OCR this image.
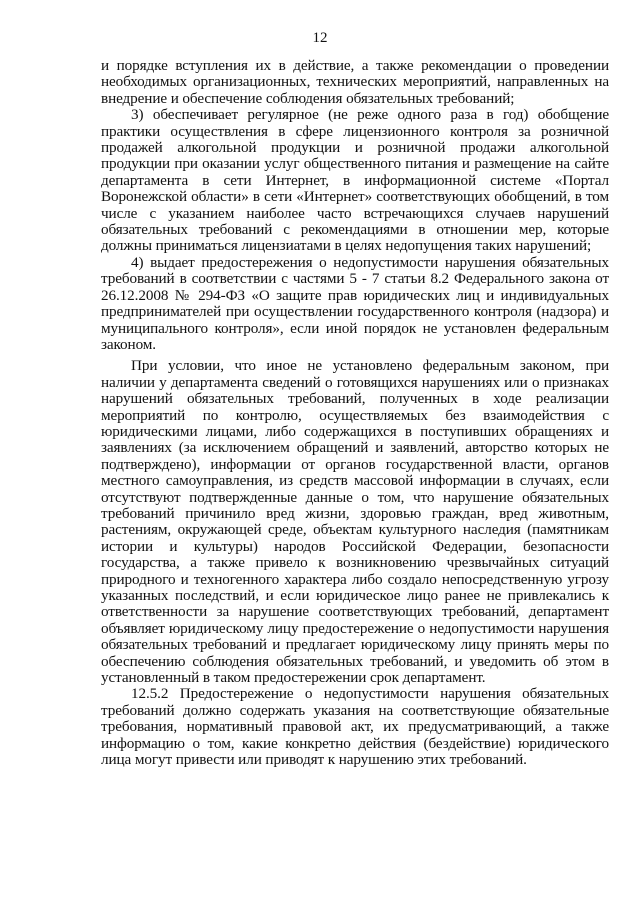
12

и порядке вступления их в действие, а также рекомендации о проведении необходимых организационных, технических мероприятий, направленных на внедрение и обеспечение соблюдения обязательных требований;

3) обеспечивает регулярное (не реже одного раза в год) обобщение практики осуществления в сфере лицензионного контроля за розничной продажей алкогольной продукции и розничной продажи алкогольной продукции при оказании услуг общественного питания и размещение на сайте департамента в сети Интернет, в информационной системе «Портал Воронежской области» в сети «Интернет» соответствующих обобщений, в том числе с указанием наиболее часто встречающихся случаев нарушений обязательных требований с рекомендациями в отношении мер, которые должны приниматься лицензиатами в целях недопущения таких нарушений;

4) выдает предостережения о недопустимости нарушения обязательных требований в соответствии с частями 5 - 7 статьи 8.2 Федерального закона от 26.12.2008 № 294-ФЗ «О защите прав юридических лиц и индивидуальных предпринимателей при осуществлении государственного контроля (надзора) и муниципального контроля», если иной порядок не установлен федеральным законом.

При условии, что иное не установлено федеральным законом, при наличии у департамента сведений о готовящихся нарушениях или о признаках нарушений обязательных требований, полученных в ходе реализации мероприятий по контролю, осуществляемых без взаимодействия с юридическими лицами, либо содержащихся в поступивших обращениях и заявлениях (за исключением обращений и заявлений, авторство которых не подтверждено), информации от органов государственной власти, органов местного самоуправления, из средств массовой информации в случаях, если отсутствуют подтвержденные данные о том, что нарушение обязательных требований причинило вред жизни, здоровью граждан, вред животным, растениям, окружающей среде, объектам культурного наследия (памятникам истории и культуры) народов Российской Федерации, безопасности государства, а также привело к возникновению чрезвычайных ситуаций природного и техногенного характера либо создало непосредственную угрозу указанных последствий, и если юридическое лицо ранее не привлекались к ответственности за нарушение соответствующих требований, департамент объявляет юридическому лицу предостережение о недопустимости нарушения обязательных требований и предлагает юридическому лицу принять меры по обеспечению соблюдения обязательных требований, и уведомить об этом в установленный в таком предостережении срок департамент.

12.5.2 Предостережение о недопустимости нарушения обязательных требований должно содержать указания на соответствующие обязательные требования, нормативный правовой акт, их предусматривающий, а также информацию о том, какие конкретно действия (бездействие) юридического лица могут привести или приводят к нарушению этих требований.
